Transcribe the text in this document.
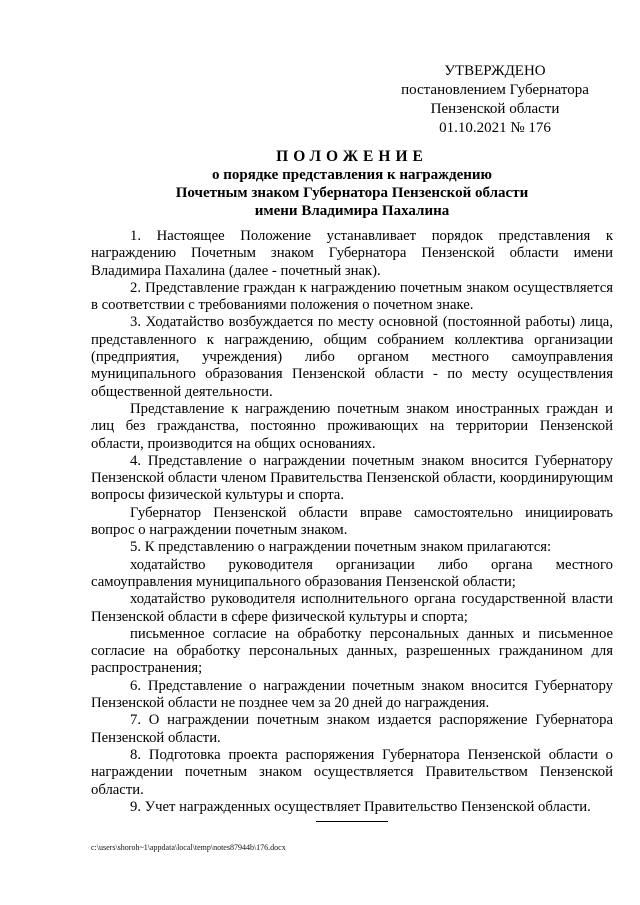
УТВЕРЖДЕНО
постановлением Губернатора
Пензенской области
01.10.2021 № 176
ПОЛОЖЕНИЕ
о порядке представления к награждению
Почетным знаком Губернатора Пензенской области
имени Владимира Пахалина

1. Настоящее Положение устанавливает порядок представления к награждению Почетным знаком Губернатора Пензенской области имени Владимира Пахалина (далее - почетный знак).

2. Представление граждан к награждению почетным знаком осуществляется в соответствии с требованиями положения о почетном знаке.

3. Ходатайство возбуждается по месту основной (постоянной работы) лица, представленного к награждению, общим собранием коллектива организации (предприятия, учреждения) либо органом местного самоуправления муниципального образования Пензенской области - по месту осуществления общественной деятельности.

Представление к награждению почетным знаком иностранных граждан и лиц без гражданства, постоянно проживающих на территории Пензенской области, производится на общих основаниях.

4. Представление о награждении почетным знаком вносится Губернатору Пензенской области членом Правительства Пензенской области, координирующим вопросы физической культуры и спорта.

Губернатор Пензенской области вправе самостоятельно инициировать вопрос о награждении почетным знаком.

5. К представлению о награждении почетным знаком прилагаются:

ходатайство руководителя организации либо органа местного самоуправления муниципального образования Пензенской области;

ходатайство руководителя исполнительного органа государственной власти Пензенской области в сфере физической культуры и спорта;

письменное согласие на обработку персональных данных и письменное согласие на обработку персональных данных, разрешенных гражданином для распространения;

6. Представление о награждении почетным знаком вносится Губернатору Пензенской области не позднее чем за 20 дней до награждения.

7. О награждении почетным знаком издается распоряжение Губернатора Пензенской области.

8. Подготовка проекта распоряжения Губернатора Пензенской области о награждении почетным знаком осуществляется Правительством Пензенской области.

9. Учет награжденных осуществляет Правительство Пензенской области.

c:\users\shoroh~1\appdata\local\temp\notes87944b\176.docx
